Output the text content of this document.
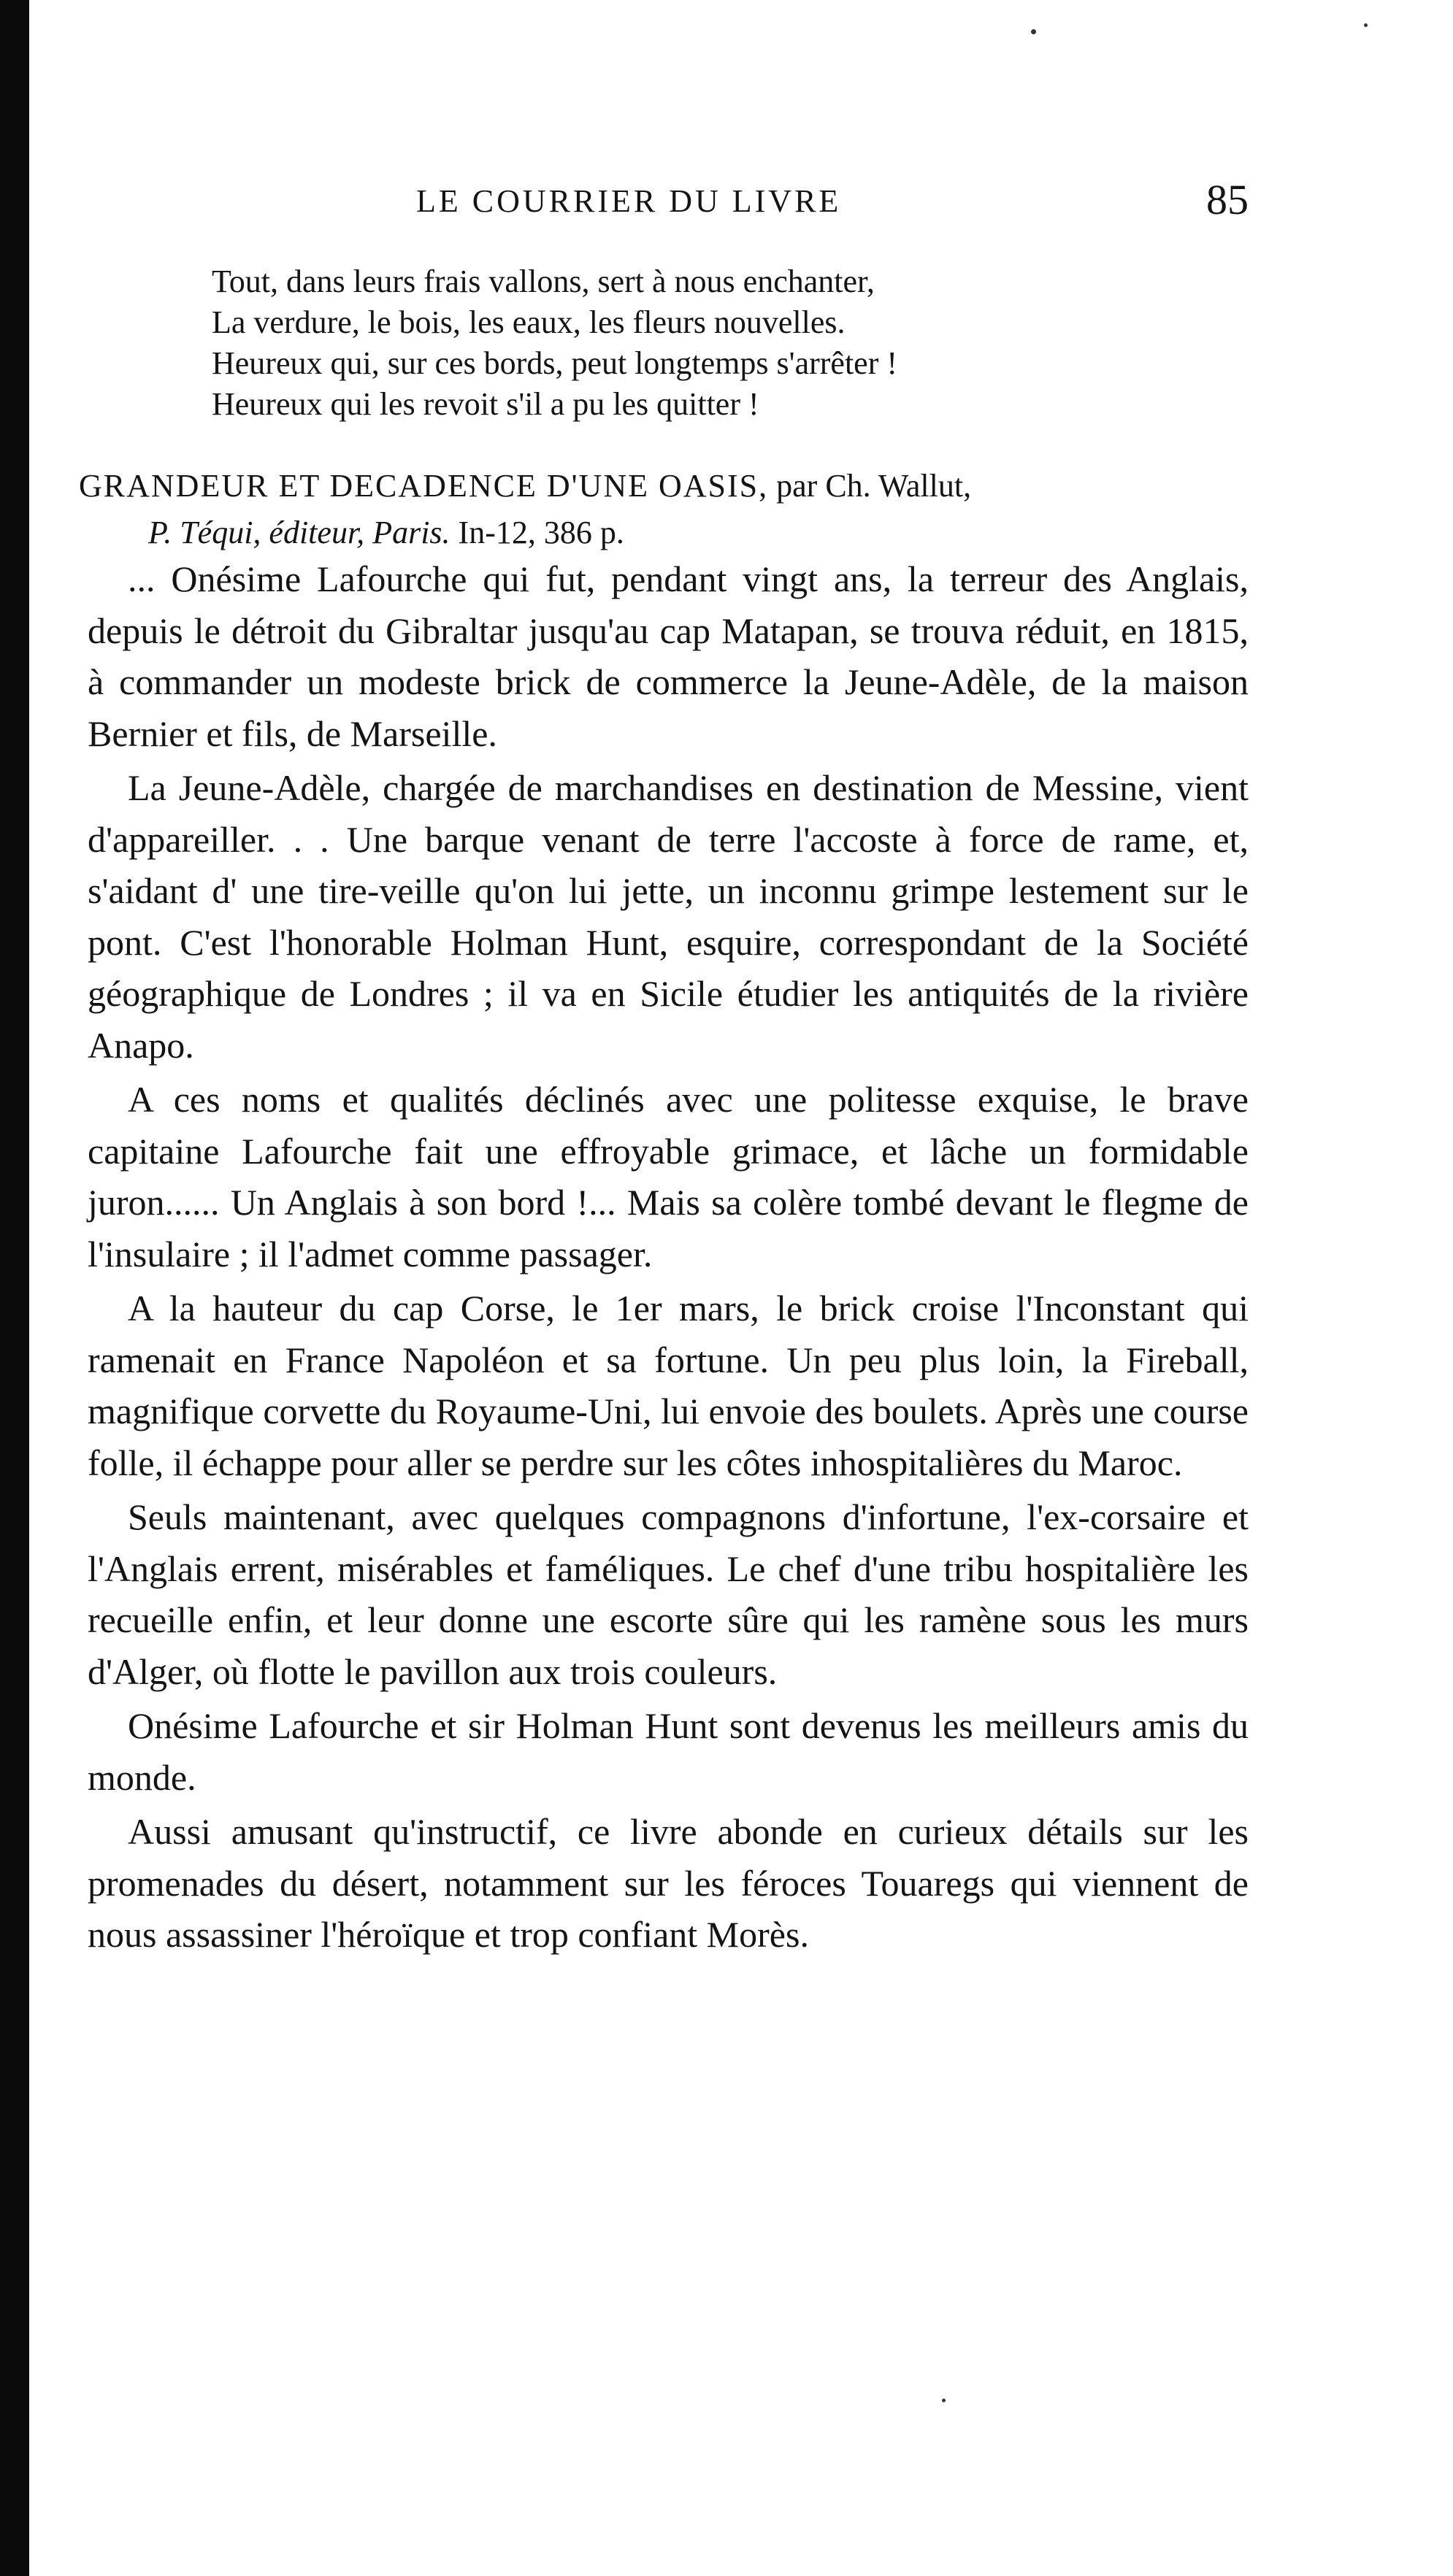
LE COURRIER DU LIVRE	85
Tout, dans leurs frais vallons, sert à nous enchanter,
La verdure, le bois, les eaux, les fleurs nouvelles.
Heureux qui, sur ces bords, peut longtemps s'arrêter !
Heureux qui les revoit s'il a pu les quitter !
GRANDEUR ET DECADENCE D'UNE OASIS, par Ch. Wallut,
P. Téqui, éditeur, Paris. In-12, 386 p.

... Onésime Lafourche qui fut, pendant vingt ans, la terreur des Anglais, depuis le détroit du Gibraltar jusqu'au cap Matapan, se trouva réduit, en 1815, à commander un modeste brick de commerce la Jeune-Adèle, de la maison Bernier et fils, de Marseille.

La Jeune-Adèle, chargée de marchandises en destination de Messine, vient d'appareiller. . . Une barque venant de terre l'accoste à force de rame, et, s'aidant d' une tire-veille qu'on lui jette, un inconnu grimpe lestement sur le pont. C'est l'honorable Holman Hunt, esquire, correspondant de la Société géographique de Londres ; il va en Sicile étudier les antiquités de la rivière Anapo.

A ces noms et qualités déclinés avec une politesse exquise, le brave capitaine Lafourche fait une effroyable grimace, et lâche un formidable juron...... Un Anglais à son bord !... Mais sa colère tombé devant le flegme de l'insulaire ; il l'admet comme passager.

A la hauteur du cap Corse, le 1er mars, le brick croise l'Inconstant qui ramenait en France Napoléon et sa fortune. Un peu plus loin, la Fireball, magnifique corvette du Royaume-Uni, lui envoie des boulets. Après une course folle, il échappe pour aller se perdre sur les côtes inhospitalières du Maroc.

Seuls maintenant, avec quelques compagnons d'infortune, l'ex-corsaire et l'Anglais errent, misérables et faméliques. Le chef d'une tribu hospitalière les recueille enfin, et leur donne une escorte sûre qui les ramène sous les murs d'Alger, où flotte le pavillon aux trois couleurs.

Onésime Lafourche et sir Holman Hunt sont devenus les meilleurs amis du monde.

Aussi amusant qu'instructif, ce livre abonde en curieux détails sur les promenades du désert, notamment sur les féroces Touaregs qui viennent de nous assassiner l'héroïque et trop confiant Morès.
